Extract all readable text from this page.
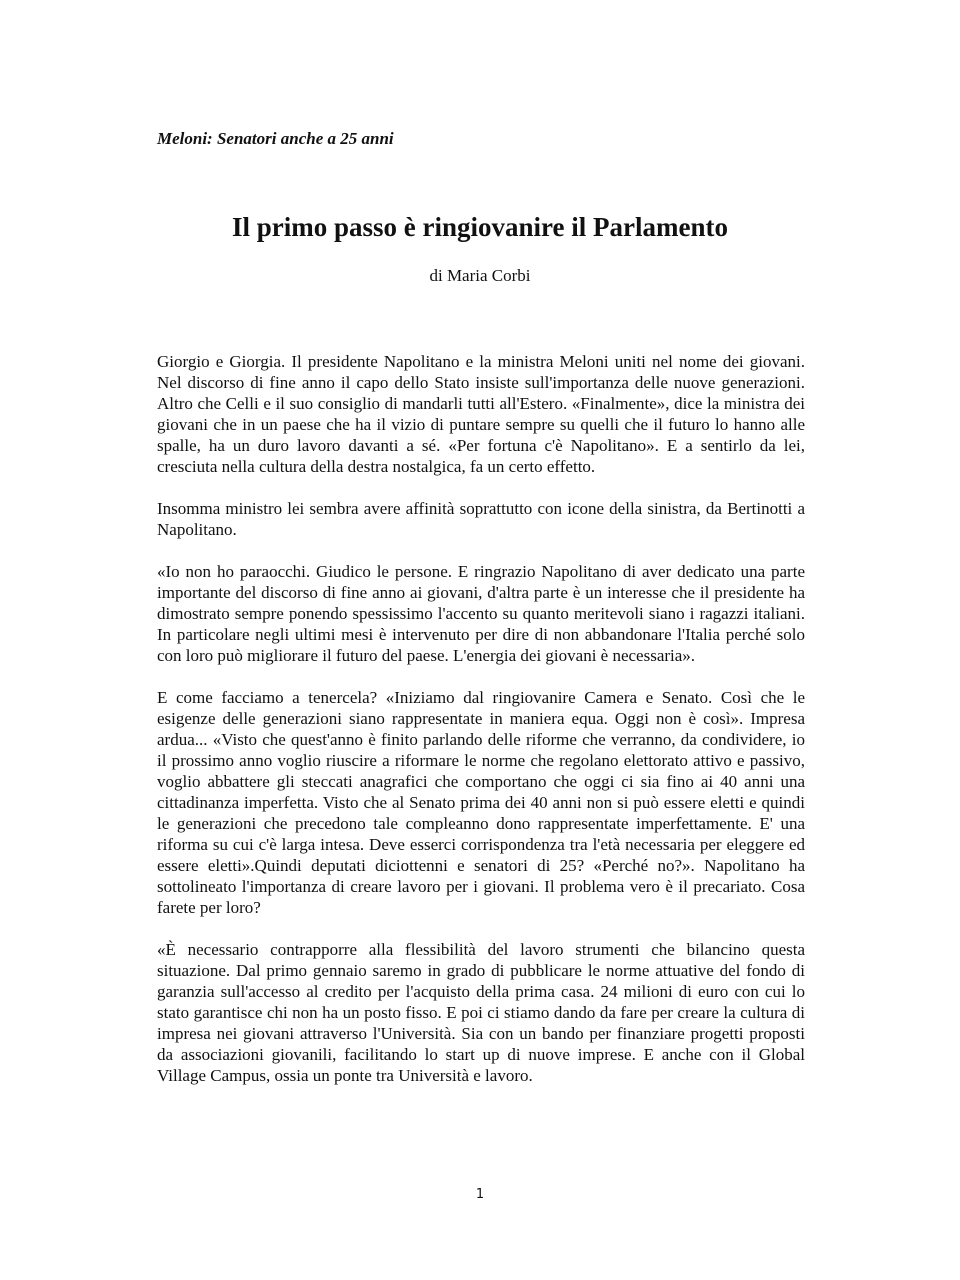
Meloni: Senatori anche a 25 anni

Il primo passo è ringiovanire il Parlamento

di Maria Corbi

Giorgio e Giorgia. Il presidente Napolitano e la ministra Meloni uniti nel nome dei giovani. Nel discorso di fine anno il capo dello Stato insiste sull'importanza delle nuove generazioni. Altro che Celli e il suo consiglio di mandarli tutti all'Estero. «Finalmente», dice la ministra dei giovani che in un paese che ha il vizio di puntare sempre su quelli che il futuro lo hanno alle spalle, ha un duro lavoro davanti a sé. «Per fortuna c'è Napolitano». E a sentirlo da lei, cresciuta nella cultura della destra nostalgica, fa un certo effetto.

Insomma ministro lei sembra avere affinità soprattutto con icone della sinistra, da Bertinotti a Napolitano.

«Io non ho paraocchi. Giudico le persone. E ringrazio Napolitano di aver dedicato una parte importante del discorso di fine anno ai giovani, d'altra parte è un interesse che il presidente ha dimostrato sempre ponendo spessissimo l'accento su quanto meritevoli siano i ragazzi italiani. In particolare negli ultimi mesi è intervenuto per dire di non abbandonare l'Italia perché solo con loro può migliorare il futuro del paese. L'energia dei giovani è necessaria».

E come facciamo a tenercela? «Iniziamo dal ringiovanire Camera e Senato. Così che le esigenze delle generazioni siano rappresentate in maniera equa. Oggi non è così». Impresa ardua... «Visto che quest'anno è finito parlando delle riforme che verranno, da condividere, io il prossimo anno voglio riuscire a riformare le norme che regolano elettorato attivo e passivo, voglio abbattere gli steccati anagrafici che comportano che oggi ci sia fino ai 40 anni una cittadinanza imperfetta. Visto che al Senato prima dei 40 anni non si può essere eletti e quindi le generazioni che precedono tale compleanno dono rappresentate imperfettamente. E' una riforma su cui c'è larga intesa. Deve esserci corrispondenza tra l'età necessaria per eleggere ed essere eletti».Quindi deputati diciottenni e senatori di 25? «Perché no?». Napolitano ha sottolineato l'importanza di creare lavoro per i giovani. Il problema vero è il precariato. Cosa farete per loro?

«È necessario contrapporre alla flessibilità del lavoro strumenti che bilancino questa situazione. Dal primo gennaio saremo in grado di pubblicare le norme attuative del fondo di garanzia sull'accesso al credito per l'acquisto della prima casa. 24 milioni di euro con cui lo stato garantisce chi non ha un posto fisso. E poi ci stiamo dando da fare per creare la cultura di impresa nei giovani attraverso l'Università. Sia con un bando per finanziare progetti proposti da associazioni giovanili, facilitando lo start up di nuove imprese. E anche con il Global Village Campus, ossia un ponte tra Università e lavoro.

1
